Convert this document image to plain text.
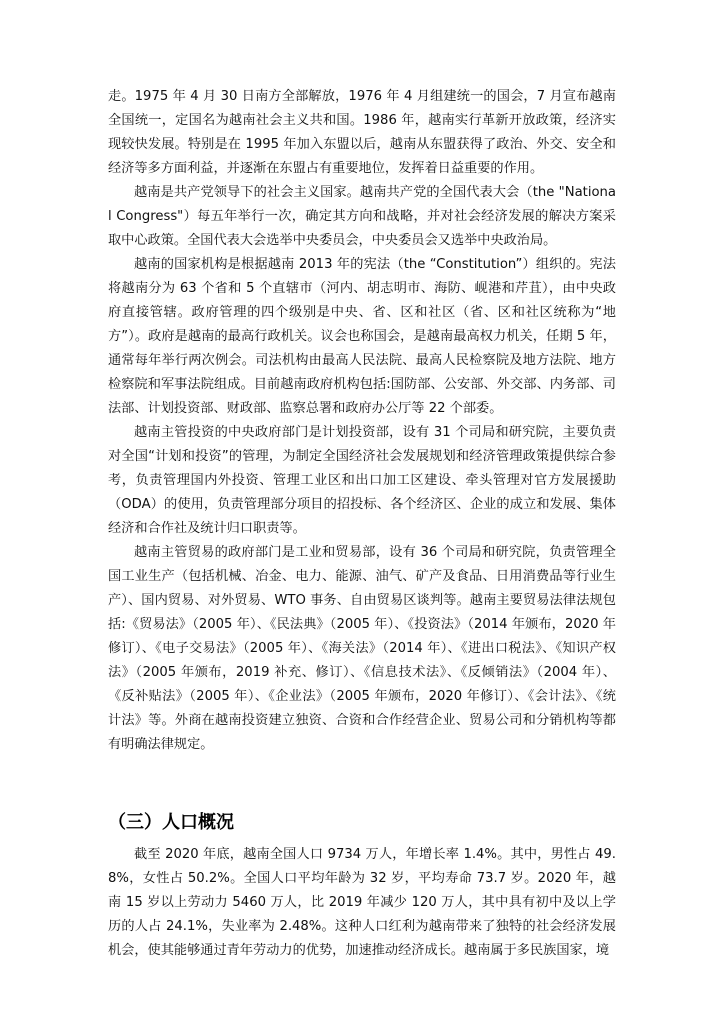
走。1975 年 4 月 30 日南方全部解放，1976 年 4 月组建统一的国会，7 月宣布越南全国统一，定国名为越南社会主义共和国。1986 年，越南实行革新开放政策，经济实现较快发展。特别是在 1995 年加入东盟以后，越南从东盟获得了政治、外交、安全和经济等多方面利益，并逐渐在东盟占有重要地位，发挥着日益重要的作用。

越南是共产党领导下的社会主义国家。越南共产党的全国代表大会（the "National Congress"）每五年举行一次，确定其方向和战略，并对社会经济发展的解决方案采取中心政策。全国代表大会选举中央委员会，中央委员会又选举中央政治局。

越南的国家机构是根据越南 2013 年的宪法（the “Constitution”）组织的。宪法将越南分为 63 个省和 5 个直辖市（河内、胡志明市、海防、岘港和芹苴），由中央政府直接管辖。政府管理的四个级别是中央、省、区和社区（省、区和社区统称为“地方”）。政府是越南的最高行政机关。议会也称国会，是越南最高权力机关，任期 5 年，通常每年举行两次例会。司法机构由最高人民法院、最高人民检察院及地方法院、地方检察院和军事法院组成。目前越南政府机构包括:国防部、公安部、外交部、内务部、司法部、计划投资部、财政部、监察总署和政府办公厅等 22 个部委。

越南主管投资的中央政府部门是计划投资部，设有 31 个司局和研究院，主要负责对全国“计划和投资”的管理，为制定全国经济社会发展规划和经济管理政策提供综合参考，负责管理国内外投资、管理工业区和出口加工区建设、牵头管理对官方发展援助（ODA）的使用，负责管理部分项目的招投标、各个经济区、企业的成立和发展、集体经济和合作社及统计归口职责等。

越南主管贸易的政府部门是工业和贸易部，设有 36 个司局和研究院，负责管理全国工业生产（包括机械、冶金、电力、能源、油气、矿产及食品、日用消费品等行业生产）、国内贸易、对外贸易、WTO 事务、自由贸易区谈判等。越南主要贸易法律法规包括:《贸易法》（2005 年）、《民法典》（2005 年）、《投资法》（2014 年颁布，2020 年修订）、《电子交易法》（2005 年）、《海关法》（2014 年）、《进出口税法》、《知识产权法》（2005 年颁布，2019 补充、修订）、《信息技术法》、《反倾销法》（2004 年）、《反补贴法》（2005 年）、《企业法》（2005 年颁布，2020 年修订）、《会计法》、《统计法》等。外商在越南投资建立独资、合资和合作经营企业、贸易公司和分销机构等都有明确法律规定。

（三）人口概况

截至 2020 年底，越南全国人口 9734 万人，年增长率 1.4%。其中，男性占 49.8%，女性占 50.2%。全国人口平均年龄为 32 岁，平均寿命 73.7 岁。2020 年，越南 15 岁以上劳动力 5460 万人，比 2019 年减少 120 万人，其中具有初中及以上学历的人占 24.1%，失业率为 2.48%。这种人口红利为越南带来了独特的社会经济发展机会，使其能够通过青年劳动力的优势，加速推动经济成长。越南属于多民族国家，境
